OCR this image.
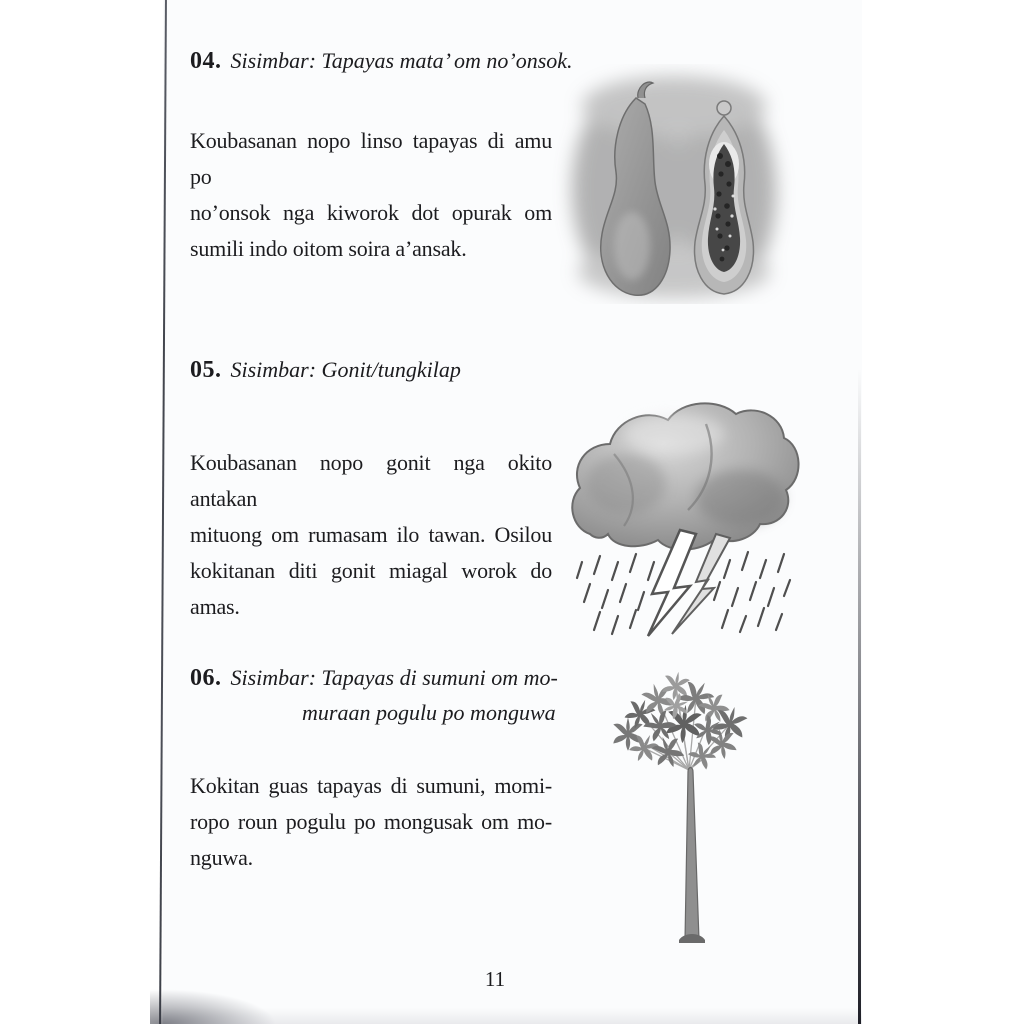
04. Sisimbar: Tapayas mata’ om no’onsok.
Koubasanan nopo linso tapayas di amu po
no’onsok nga kiworok dot opurak om
sumili indo oitom soira a’ansak.
05. Sisimbar: Gonit/tungkilap
Koubasanan nopo gonit nga okito antakan
mituong om rumasam ilo tawan. Osilou
kokitanan diti gonit miagal worok do
amas.
06. Sisimbar: Tapayas di sumuni om mo-
muraan pogulu po monguwa
Kokitan guas tapayas di sumuni, momi-
ropo roun pogulu po mongusak om mo-
nguwa.
11
